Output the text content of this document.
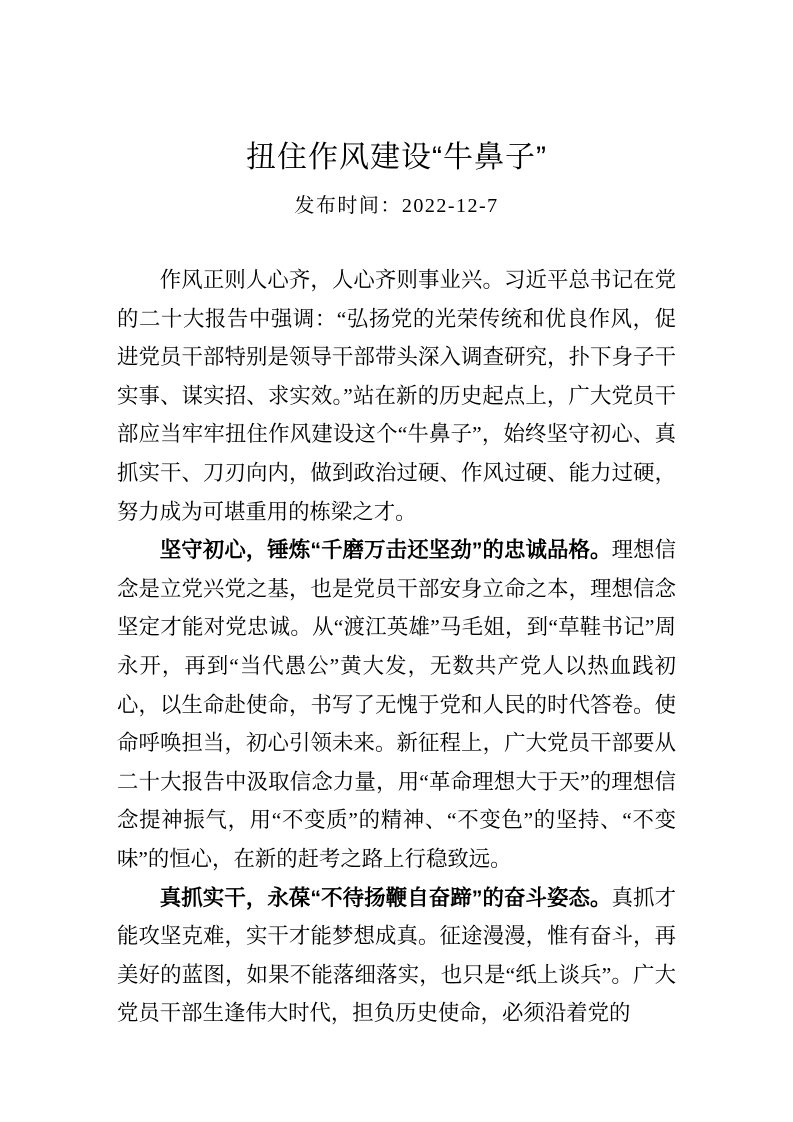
扭住作风建设“牛鼻子”
发布时间：2022-12-7

作风正则人心齐，人心齐则事业兴。习近平总书记在党的二十大报告中强调：“弘扬党的光荣传统和优良作风，促进党员干部特别是领导干部带头深入调查研究，扑下身子干实事、谋实招、求实效。”站在新的历史起点上，广大党员干部应当牢牢扭住作风建设这个“牛鼻子”，始终坚守初心、真抓实干、刀刃向内，做到政治过硬、作风过硬、能力过硬，努力成为可堪重用的栋梁之才。

坚守初心，锤炼“千磨万击还坚劲”的忠诚品格。理想信念是立党兴党之基，也是党员干部安身立命之本，理想信念坚定才能对党忠诚。从“渡江英雄”马毛姐，到“草鞋书记”周永开，再到“当代愚公”黄大发，无数共产党人以热血践初心，以生命赴使命，书写了无愧于党和人民的时代答卷。使命呼唤担当，初心引领未来。新征程上，广大党员干部要从二十大报告中汲取信念力量，用“革命理想大于天”的理想信念提神振气，用“不变质”的精神、“不变色”的坚持、“不变味”的恒心，在新的赶考之路上行稳致远。

真抓实干，永葆“不待扬鞭自奋蹄”的奋斗姿态。真抓才能攻坚克难，实干才能梦想成真。征途漫漫，惟有奋斗，再美好的蓝图，如果不能落细落实，也只是“纸上谈兵”。广大党员干部生逢伟大时代，担负历史使命，必须沿着党的
